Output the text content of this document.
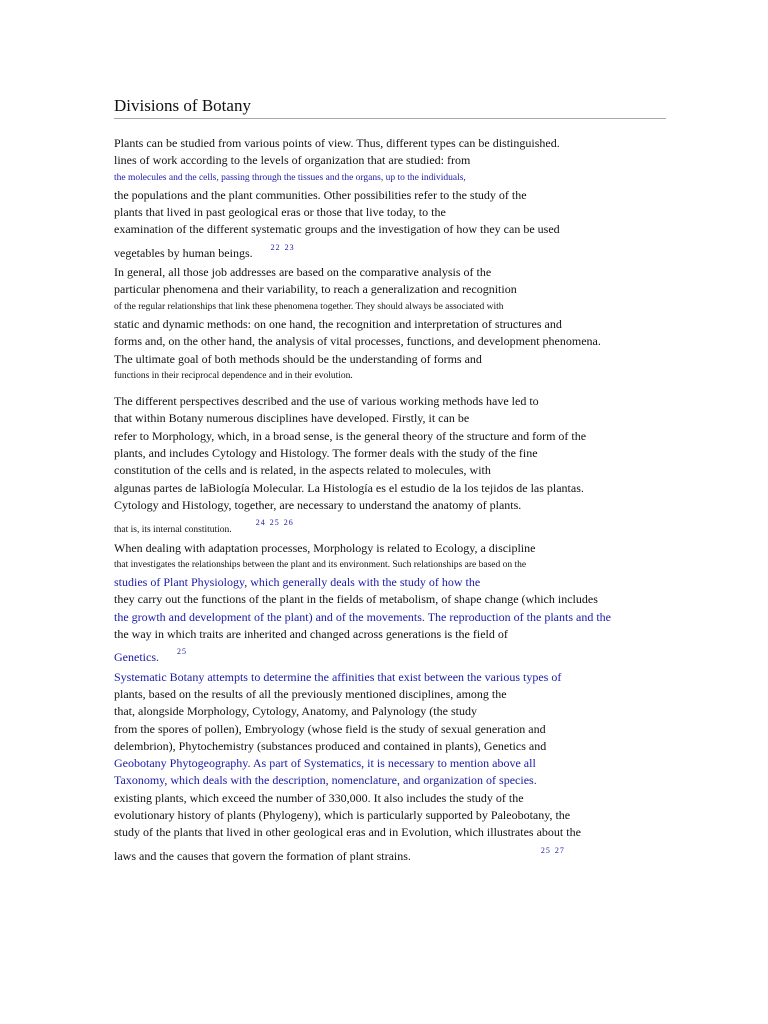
Divisions of Botany
Plants can be studied from various points of view. Thus, different types can be distinguished.
lines of work according to the levels of organization that are studied: from
the molecules and the cells, passing through the tissues and the organs, up to the individuals,
the populations and the plant communities. Other possibilities refer to the study of the
plants that lived in past geological eras or those that live today, to the
examination of the different systematic groups and the investigation of how they can be used
vegetables by human beings. $^{22 23}$
In general, all those job addresses are based on the comparative analysis of the
particular phenomena and their variability, to reach a generalization and recognition
of the regular relationships that link these phenomena together. They should always be associated with
static and dynamic methods: on one hand, the recognition and interpretation of structures and
forms and, on the other hand, the analysis of vital processes, functions, and development phenomena.
The ultimate goal of both methods should be the understanding of forms and
functions in their reciprocal dependence and in their evolution.
The different perspectives described and the use of various working methods have led to
that within Botany numerous disciplines have developed. Firstly, it can be
refer to Morphology, which, in a broad sense, is the general theory of the structure and form of the
plants, and includes Cytology and Histology. The former deals with the study of the fine
constitution of the cells and is related, in the aspects related to molecules, with
algunas partes de laBiología Molecular. La Histología es el estudio de la los tejidos de las plantas.
Cytology and Histology, together, are necessary to understand the anatomy of plants.
that is, its internal constitution.$^{24 25 26}$
When dealing with adaptation processes, Morphology is related to Ecology, a discipline
that investigates the relationships between the plant and its environment. Such relationships are based on the
studies of Plant Physiology, which generally deals with the study of how the
they carry out the functions of the plant in the fields of metabolism, of shape change (which includes
the growth and development of the plant) and of the movements. The reproduction of the plants and the
the way in which traits are inherited and changed across generations is the field of
Genetics. $^{25}$
Systematic Botany attempts to determine the affinities that exist between the various types of
plants, based on the results of all the previously mentioned disciplines, among the
that, alongside Morphology, Cytology, Anatomy, and Palynology (the study
from the spores of pollen), Embryology (whose field is the study of sexual generation and
delembrion), Phytochemistry (substances produced and contained in plants), Genetics and
Geobotany Phytogeography. As part of Systematics, it is necessary to mention above all
Taxonomy, which deals with the description, nomenclature, and organization of species.
existing plants, which exceed the number of 330,000. It also includes the study of the
evolutionary history of plants (Phylogeny), which is particularly supported by Paleobotany, the
study of the plants that lived in other geological eras and in Evolution, which illustrates about the
laws and the causes that govern the formation of plant strains.	$^{25 27}$
